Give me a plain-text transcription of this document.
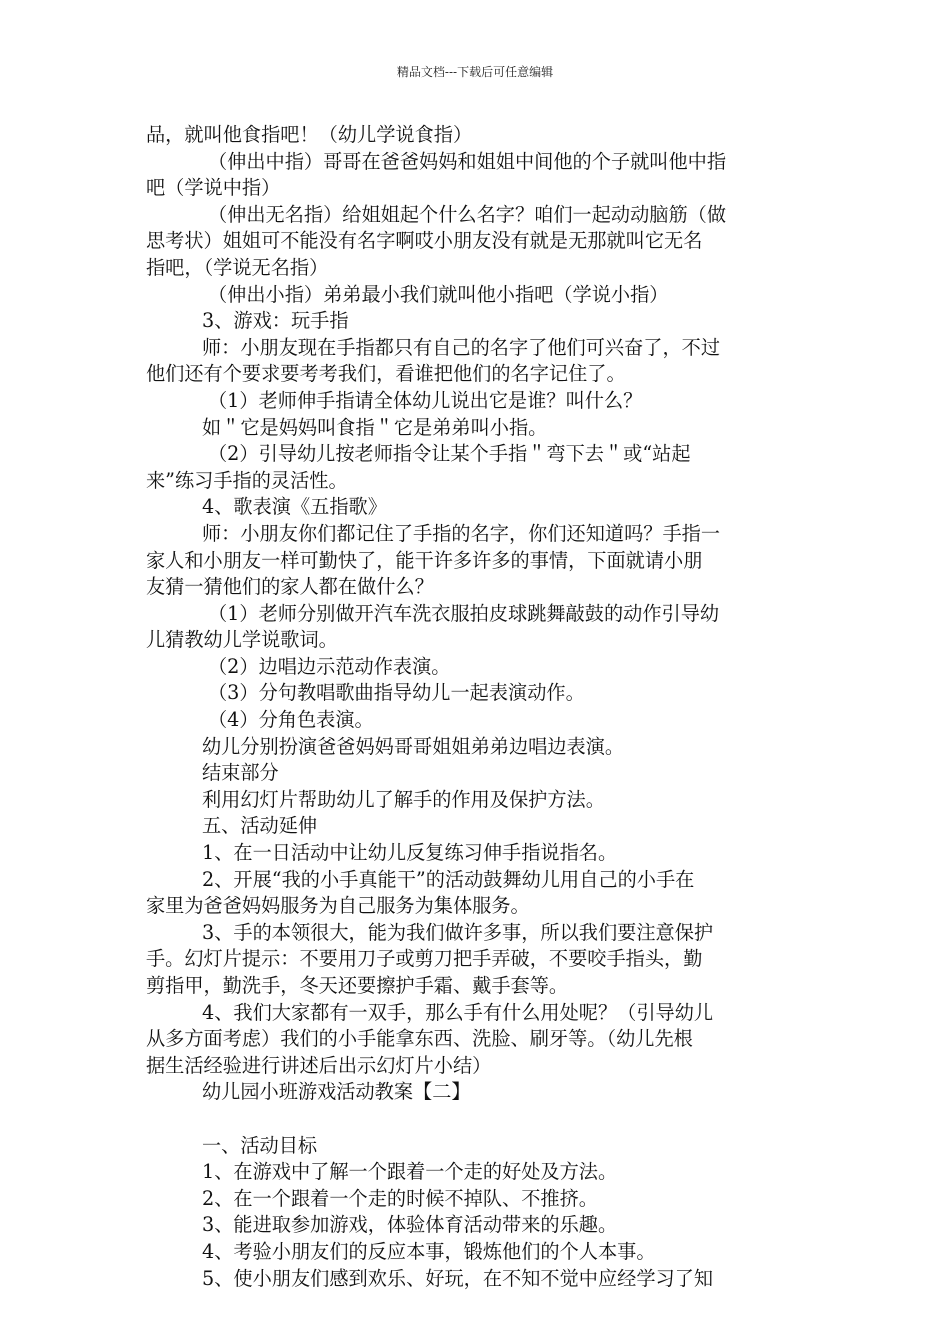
精品文档---下载后可任意编辑
品，就叫他食指吧！（幼儿学说食指）
（伸出中指）哥哥在爸爸妈妈和姐姐中间他的个子就叫他中指
吧（学说中指）
（伸出无名指）给姐姐起个什么名字？咱们一起动动脑筋（做
思考状）姐姐可不能没有名字啊哎小朋友没有就是无那就叫它无名
指吧，（学说无名指）
（伸出小指）弟弟最小我们就叫他小指吧（学说小指）
3、游戏：玩手指
师：小朋友现在手指都只有自己的名字了他们可兴奋了，不过
他们还有个要求要考考我们，看谁把他们的名字记住了。
（1）老师伸手指请全体幼儿说出它是谁？叫什么？
如＂它是妈妈叫食指＂它是弟弟叫小指。
（2）引导幼儿按老师指令让某个手指＂弯下去＂或“站起
来”练习手指的灵活性。
4、歌表演《五指歌》
师：小朋友你们都记住了手指的名字，你们还知道吗？手指一
家人和小朋友一样可勤快了，能干许多许多的事情，下面就请小朋
友猜一猜他们的家人都在做什么？
（1）老师分别做开汽车洗衣服拍皮球跳舞敲鼓的动作引导幼
儿猜教幼儿学说歌词。
（2）边唱边示范动作表演。
（3）分句教唱歌曲指导幼儿一起表演动作。
（4）分角色表演。
幼儿分别扮演爸爸妈妈哥哥姐姐弟弟边唱边表演。
结束部分
利用幻灯片帮助幼儿了解手的作用及保护方法。
五、活动延伸
1、在一日活动中让幼儿反复练习伸手指说指名。
2、开展“我的小手真能干”的活动鼓舞幼儿用自己的小手在
家里为爸爸妈妈服务为自己服务为集体服务。
3、手的本领很大，能为我们做许多事，所以我们要注意保护
手。幻灯片提示：不要用刀子或剪刀把手弄破，不要咬手指头，勤
剪指甲，勤洗手，冬天还要擦护手霜、戴手套等。
4、我们大家都有一双手，那么手有什么用处呢？（引导幼儿
从多方面考虑）我们的小手能拿东西、洗脸、刷牙等。（幼儿先根
据生活经验进行讲述后出示幻灯片小结）
幼儿园小班游戏活动教案【二】
一、活动目标
1、在游戏中了解一个跟着一个走的好处及方法。
2、在一个跟着一个走的时候不掉队、不推挤。
3、能进取参加游戏，体验体育活动带来的乐趣。
4、考验小朋友们的反应本事，锻炼他们的个人本事。
5、使小朋友们感到欢乐、好玩，在不知不觉中应经学习了知
